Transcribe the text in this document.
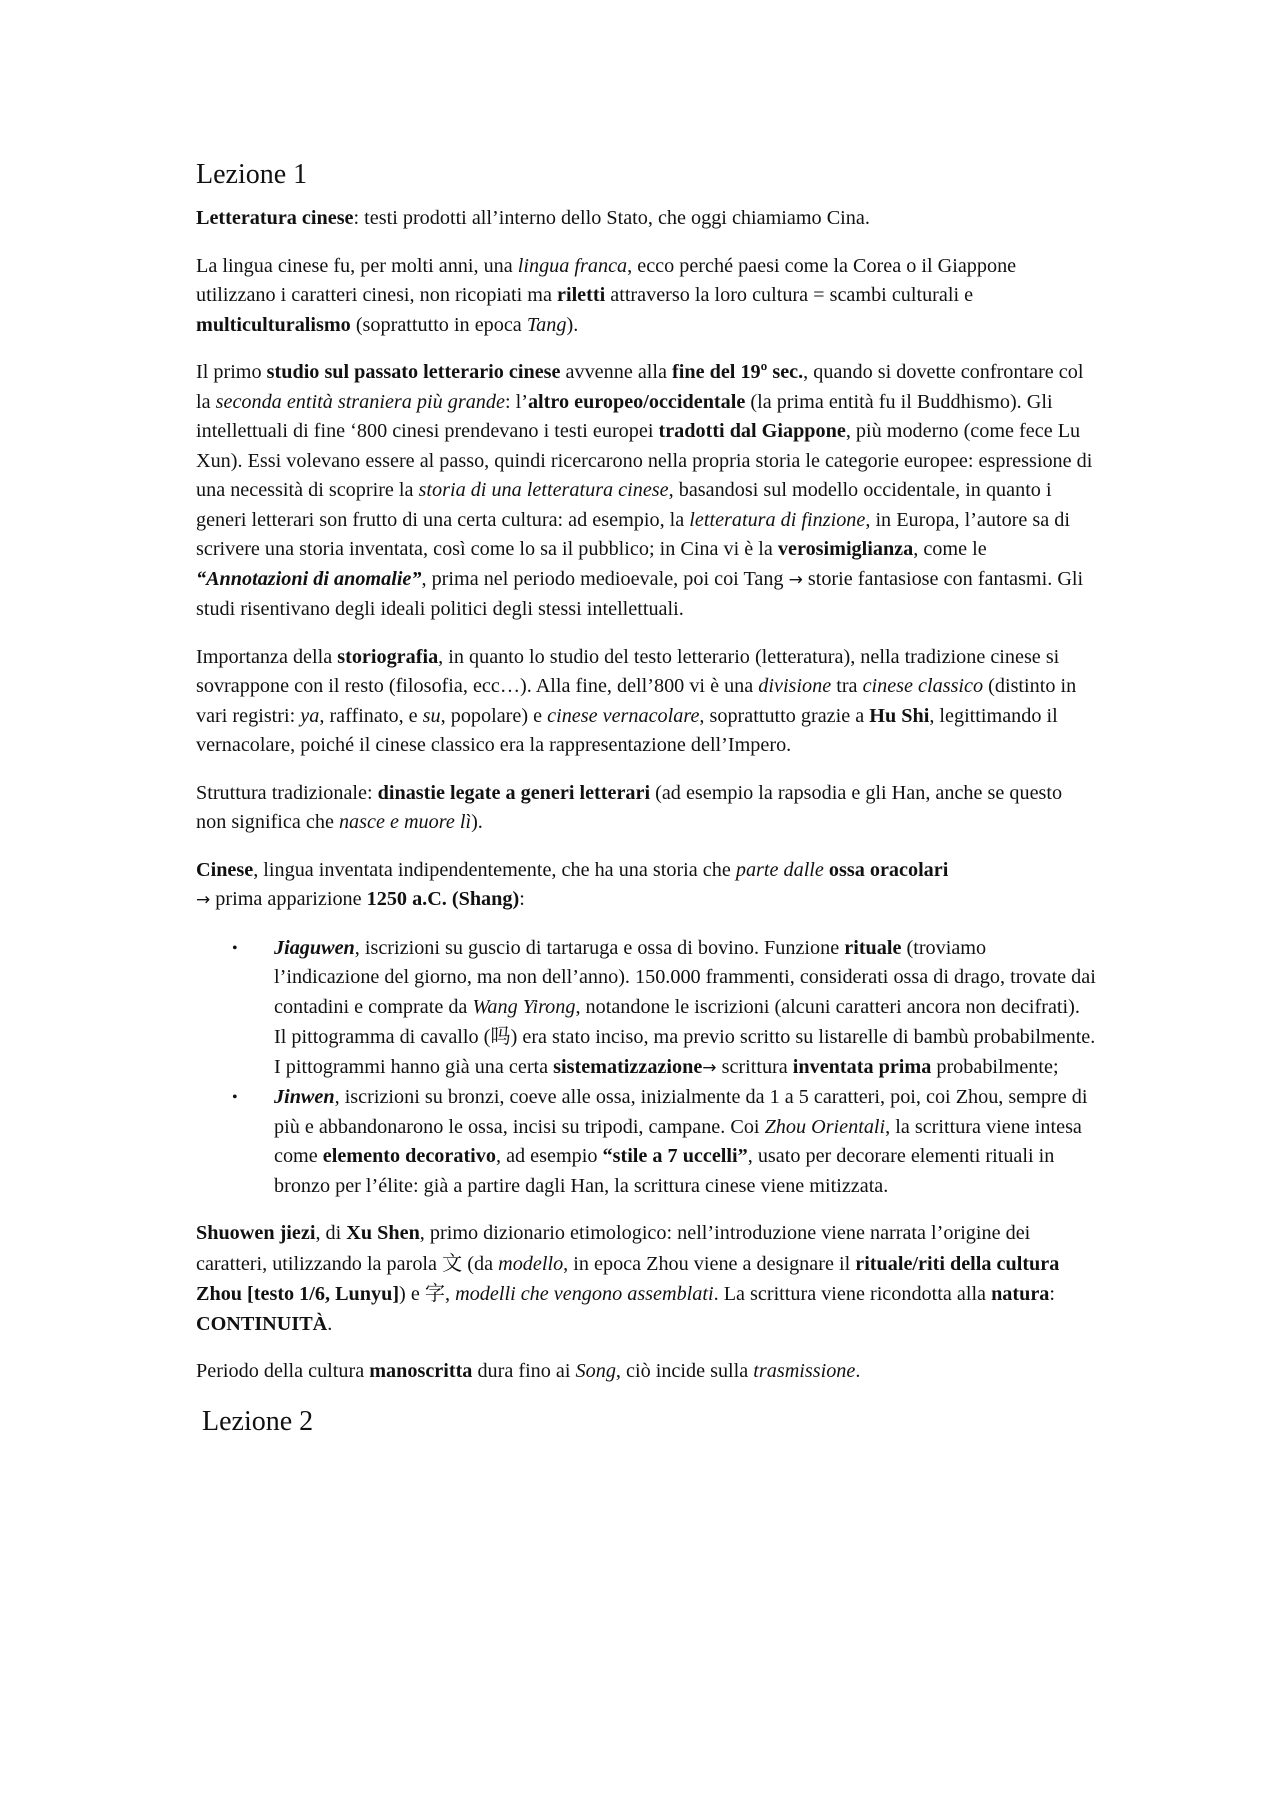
Lezione 1

Letteratura cinese: testi prodotti all’interno dello Stato, che oggi chiamiamo Cina.

La lingua cinese fu, per molti anni, una lingua franca, ecco perché paesi come la Corea o il Giappone utilizzano i caratteri cinesi, non ricopiati ma riletti attraverso la loro cultura = scambi culturali e multiculturalismo (soprattutto in epoca Tang).

Il primo studio sul passato letterario cinese avvenne alla fine del 19º sec., quando si dovette confrontare col la seconda entità straniera più grande: l’altro europeo/occidentale (la prima entità fu il Buddhismo). Gli intellettuali di fine ‘800 cinesi prendevano i testi europei tradotti dal Giappone, più moderno (come fece Lu Xun). Essi volevano essere al passo, quindi ricercarono nella propria storia le categorie europee: espressione di una necessità di scoprire la storia di una letteratura cinese, basandosi sul modello occidentale, in quanto i generi letterari son frutto di una certa cultura: ad esempio, la letteratura di finzione, in Europa, l’autore sa di scrivere una storia inventata, così come lo sa il pubblico; in Cina vi è la verosimiglianza, come le “Annotazioni di anomalie”, prima nel periodo medioevale, poi coi Tang → storie fantasiose con fantasmi. Gli studi risentivano degli ideali politici degli stessi intellettuali.

Importanza della storiografia, in quanto lo studio del testo letterario (letteratura), nella tradizione cinese si sovrappone con il resto (filosofia, ecc…). Alla fine, dell’800 vi è una divisione tra cinese classico (distinto in vari registri: ya, raffinato, e su, popolare) e cinese vernacolare, soprattutto grazie a Hu Shi, legittimando il vernacolare, poiché il cinese classico era la rappresentazione dell’Impero.

Struttura tradizionale: dinastie legate a generi letterari (ad esempio la rapsodia e gli Han, anche se questo non significa che nasce e muore lì).

Cinese, lingua inventata indipendentemente, che ha una storia che parte dalle ossa oracolari
→ prima apparizione 1250 a.C. (Shang):

• Jiaguwen, iscrizioni su guscio di tartaruga e ossa di bovino. Funzione rituale (troviamo l’indicazione del giorno, ma non dell’anno). 150.000 frammenti, considerati ossa di drago, trovate dai contadini e comprate da Wang Yirong, notandone le iscrizioni (alcuni caratteri ancora non decifrati). Il pittogramma di cavallo (吗) era stato inciso, ma previo scritto su listarelle di bambù probabilmente. I pittogrammi hanno già una certa sistematizzazione→ scrittura inventata prima probabilmente;
• Jinwen, iscrizioni su bronzi, coeve alle ossa, inizialmente da 1 a 5 caratteri, poi, coi Zhou, sempre di più e abbandonarono le ossa, incisi su tripodi, campane. Coi Zhou Orientali, la scrittura viene intesa come elemento decorativo, ad esempio “stile a 7 uccelli”, usato per decorare elementi rituali in bronzo per l’élite: già a partire dagli Han, la scrittura cinese viene mitizzata.

Shuowen jiezi, di Xu Shen, primo dizionario etimologico: nell’introduzione viene narrata l’origine dei caratteri, utilizzando la parola 文 (da modello, in epoca Zhou viene a designare il rituale/riti della cultura Zhou [testo 1/6, Lunyu]) e 字, modelli che vengono assemblati. La scrittura viene ricondotta alla natura: CONTINUITÀ.

Periodo della cultura manoscritta dura fino ai Song, ciò incide sulla trasmissione.

Lezione 2
